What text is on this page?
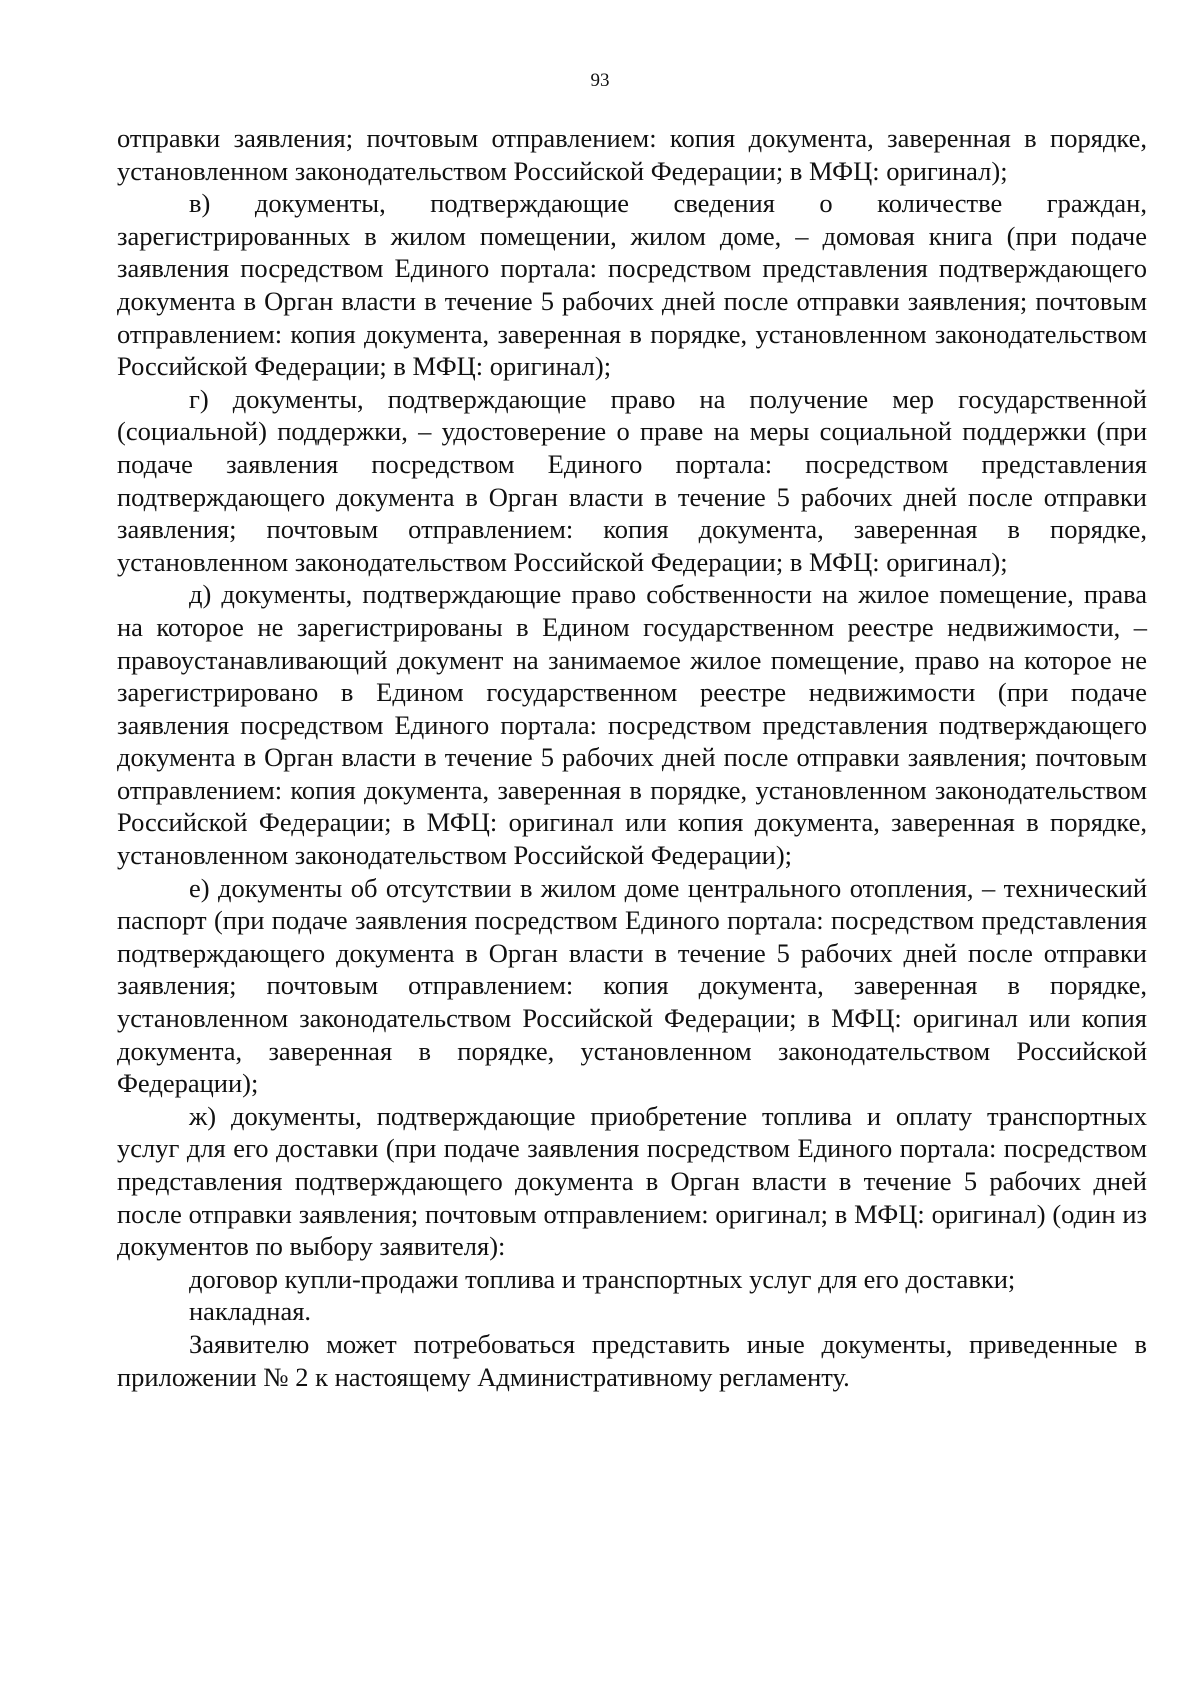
93

отправки заявления; почтовым отправлением: копия документа, заверенная в порядке, установленном законодательством Российской Федерации; в МФЦ: оригинал);

в) документы, подтверждающие сведения о количестве граждан, зарегистрированных в жилом помещении, жилом доме, – домовая книга (при подаче заявления посредством Единого портала: посредством представления подтверждающего документа в Орган власти в течение 5 рабочих дней после отправки заявления; почтовым отправлением: копия документа, заверенная в порядке, установленном законодательством Российской Федерации; в МФЦ: оригинал);

г) документы, подтверждающие право на получение мер государственной (социальной) поддержки, – удостоверение о праве на меры социальной поддержки (при подаче заявления посредством Единого портала: посредством представления подтверждающего документа в Орган власти в течение 5 рабочих дней после отправки заявления; почтовым отправлением: копия документа, заверенная в порядке, установленном законодательством Российской Федерации; в МФЦ: оригинал);

д) документы, подтверждающие право собственности на жилое помещение, права на которое не зарегистрированы в Едином государственном реестре недвижимости, – правоустанавливающий документ на занимаемое жилое помещение, право на которое не зарегистрировано в Едином государственном реестре недвижимости (при подаче заявления посредством Единого портала: посредством представления подтверждающего документа в Орган власти в течение 5 рабочих дней после отправки заявления; почтовым отправлением: копия документа, заверенная в порядке, установленном законодательством Российской Федерации; в МФЦ: оригинал или копия документа, заверенная в порядке, установленном законодательством Российской Федерации);

е) документы об отсутствии в жилом доме центрального отопления, – технический паспорт (при подаче заявления посредством Единого портала: посредством представления подтверждающего документа в Орган власти в течение 5 рабочих дней после отправки заявления; почтовым отправлением: копия документа, заверенная в порядке, установленном законодательством Российской Федерации; в МФЦ: оригинал или копия документа, заверенная в порядке, установленном законодательством Российской Федерации);

ж) документы, подтверждающие приобретение топлива и оплату транспортных услуг для его доставки (при подаче заявления посредством Единого портала: посредством представления подтверждающего документа в Орган власти в течение 5 рабочих дней после отправки заявления; почтовым отправлением: оригинал; в МФЦ: оригинал) (один из документов по выбору заявителя):

договор купли-продажи топлива и транспортных услуг для его доставки;

накладная.

Заявителю может потребоваться представить иные документы, приведенные в приложении № 2 к настоящему Административному регламенту.
